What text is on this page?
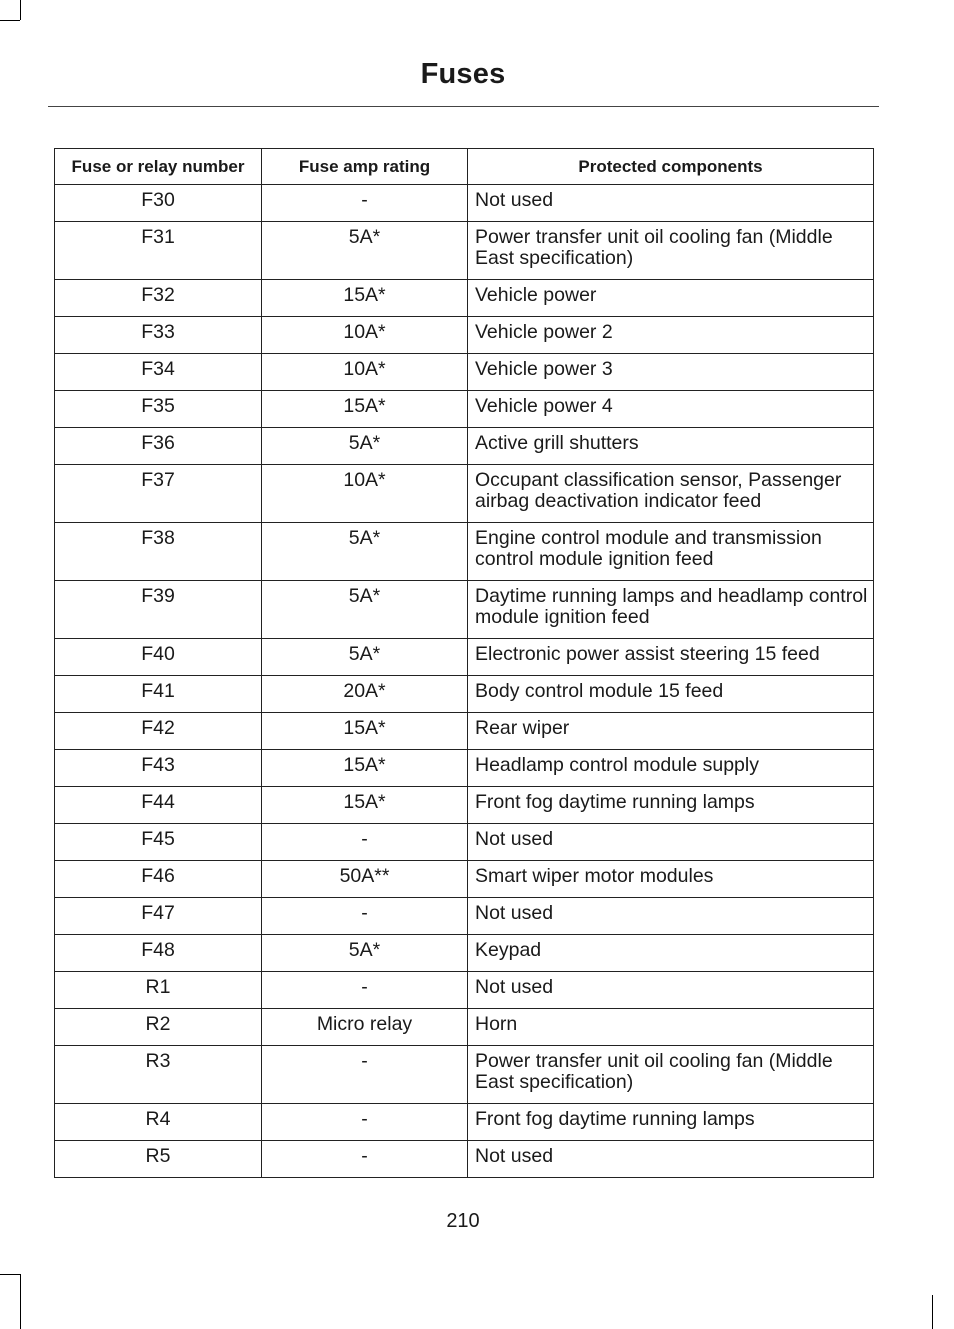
Fuses
Fuse or relay number	Fuse amp rating	Protected components
F30	-	Not used
F31	5A*	Power transfer unit oil cooling fan (Middle East specification)
F32	15A*	Vehicle power
F33	10A*	Vehicle power 2
F34	10A*	Vehicle power 3
F35	15A*	Vehicle power 4
F36	5A*	Active grill shutters
F37	10A*	Occupant classification sensor, Passenger airbag deactivation indicator feed
F38	5A*	Engine control module and transmission control module ignition feed
F39	5A*	Daytime running lamps and headlamp control module ignition feed
F40	5A*	Electronic power assist steering 15 feed
F41	20A*	Body control module 15 feed
F42	15A*	Rear wiper
F43	15A*	Headlamp control module supply
F44	15A*	Front fog daytime running lamps
F45	-	Not used
F46	50A**	Smart wiper motor modules
F47	-	Not used
F48	5A*	Keypad
R1	-	Not used
R2	Micro relay	Horn
R3	-	Power transfer unit oil cooling fan (Middle East specification)
R4	-	Front fog daytime running lamps
R5	-	Not used
210
